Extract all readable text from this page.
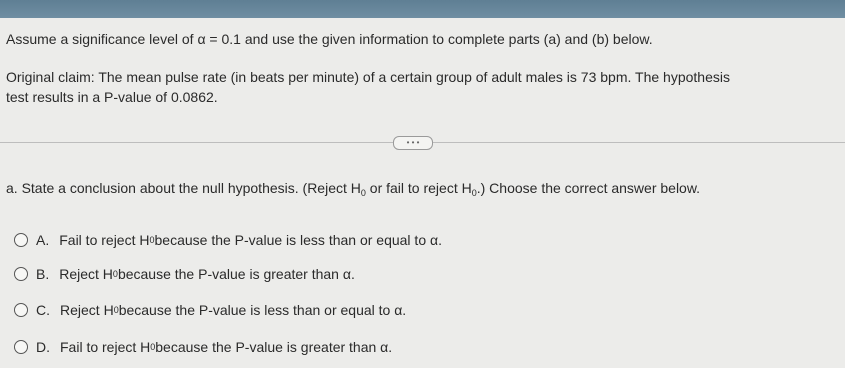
Assume a significance level of α = 0.1 and use the given information to complete parts (a) and (b) below.
Original claim: The mean pulse rate (in beats per minute) of a certain group of adult males is 73 bpm. The hypothesis
test results in a P-value of 0.0862.
• • •
a. State a conclusion about the null hypothesis. (Reject $H_0$ or fail to reject $H_0$.) Choose the correct answer below.
A. Fail to reject H 0 because the P-value is less than or equal to α.
B. Reject H 0 because the P-value is greater than α.
C. Reject H 0 because the P-value is less than or equal to α.
D. Fail to reject H 0 because the P-value is greater than α.
